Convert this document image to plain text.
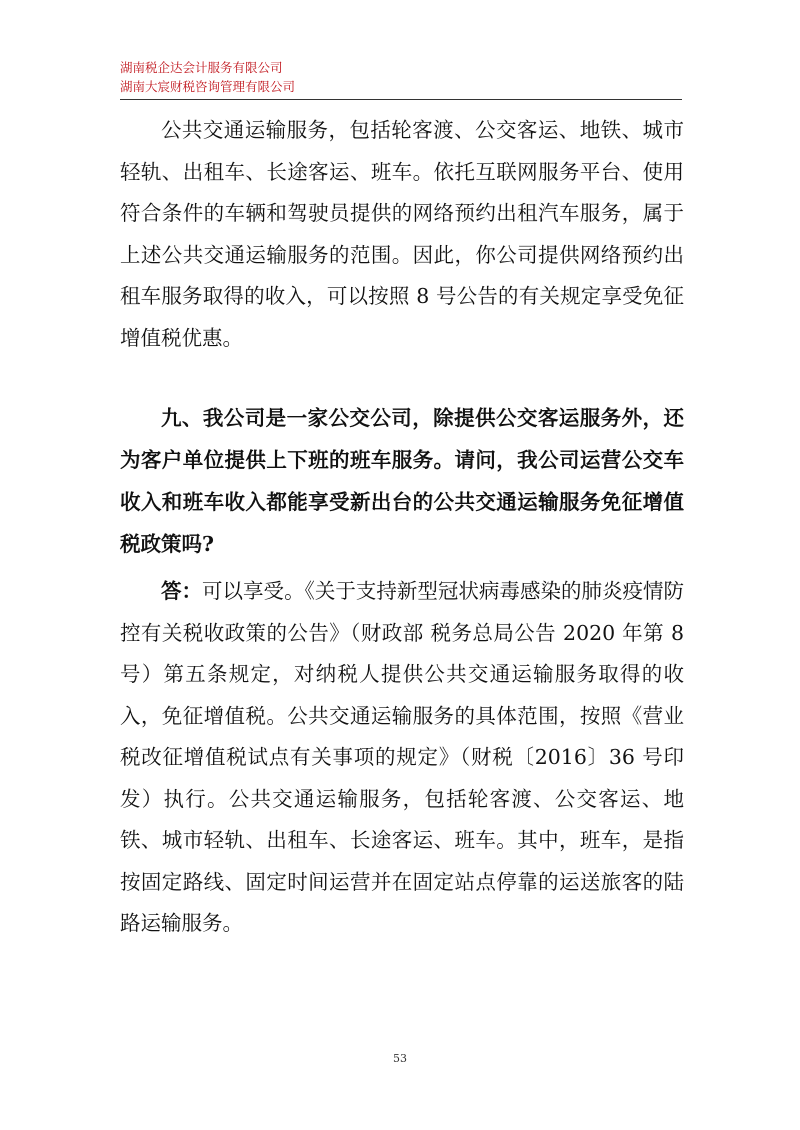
湖南税企达会计服务有限公司
湖南大宸财税咨询管理有限公司

公共交通运输服务，包括轮客渡、公交客运、地铁、城市轻轨、出租车、长途客运、班车。依托互联网服务平台、使用符合条件的车辆和驾驶员提供的网络预约出租汽车服务，属于上述公共交通运输服务的范围。因此，你公司提供网络预约出租车服务取得的收入，可以按照 8 号公告的有关规定享受免征增值税优惠。

九、我公司是一家公交公司，除提供公交客运服务外，还为客户单位提供上下班的班车服务。请问，我公司运营公交车收入和班车收入都能享受新出台的公共交通运输服务免征增值税政策吗?

答：可以享受。《关于支持新型冠状病毒感染的肺炎疫情防控有关税收政策的公告》（财政部 税务总局公告 2020 年第 8 号）第五条规定，对纳税人提供公共交通运输服务取得的收入，免征增值税。公共交通运输服务的具体范围，按照《营业税改征增值税试点有关事项的规定》（财税〔2016〕36 号印发）执行。公共交通运输服务，包括轮客渡、公交客运、地铁、城市轻轨、出租车、长途客运、班车。其中，班车，是指按固定路线、固定时间运营并在固定站点停靠的运送旅客的陆路运输服务。

53
